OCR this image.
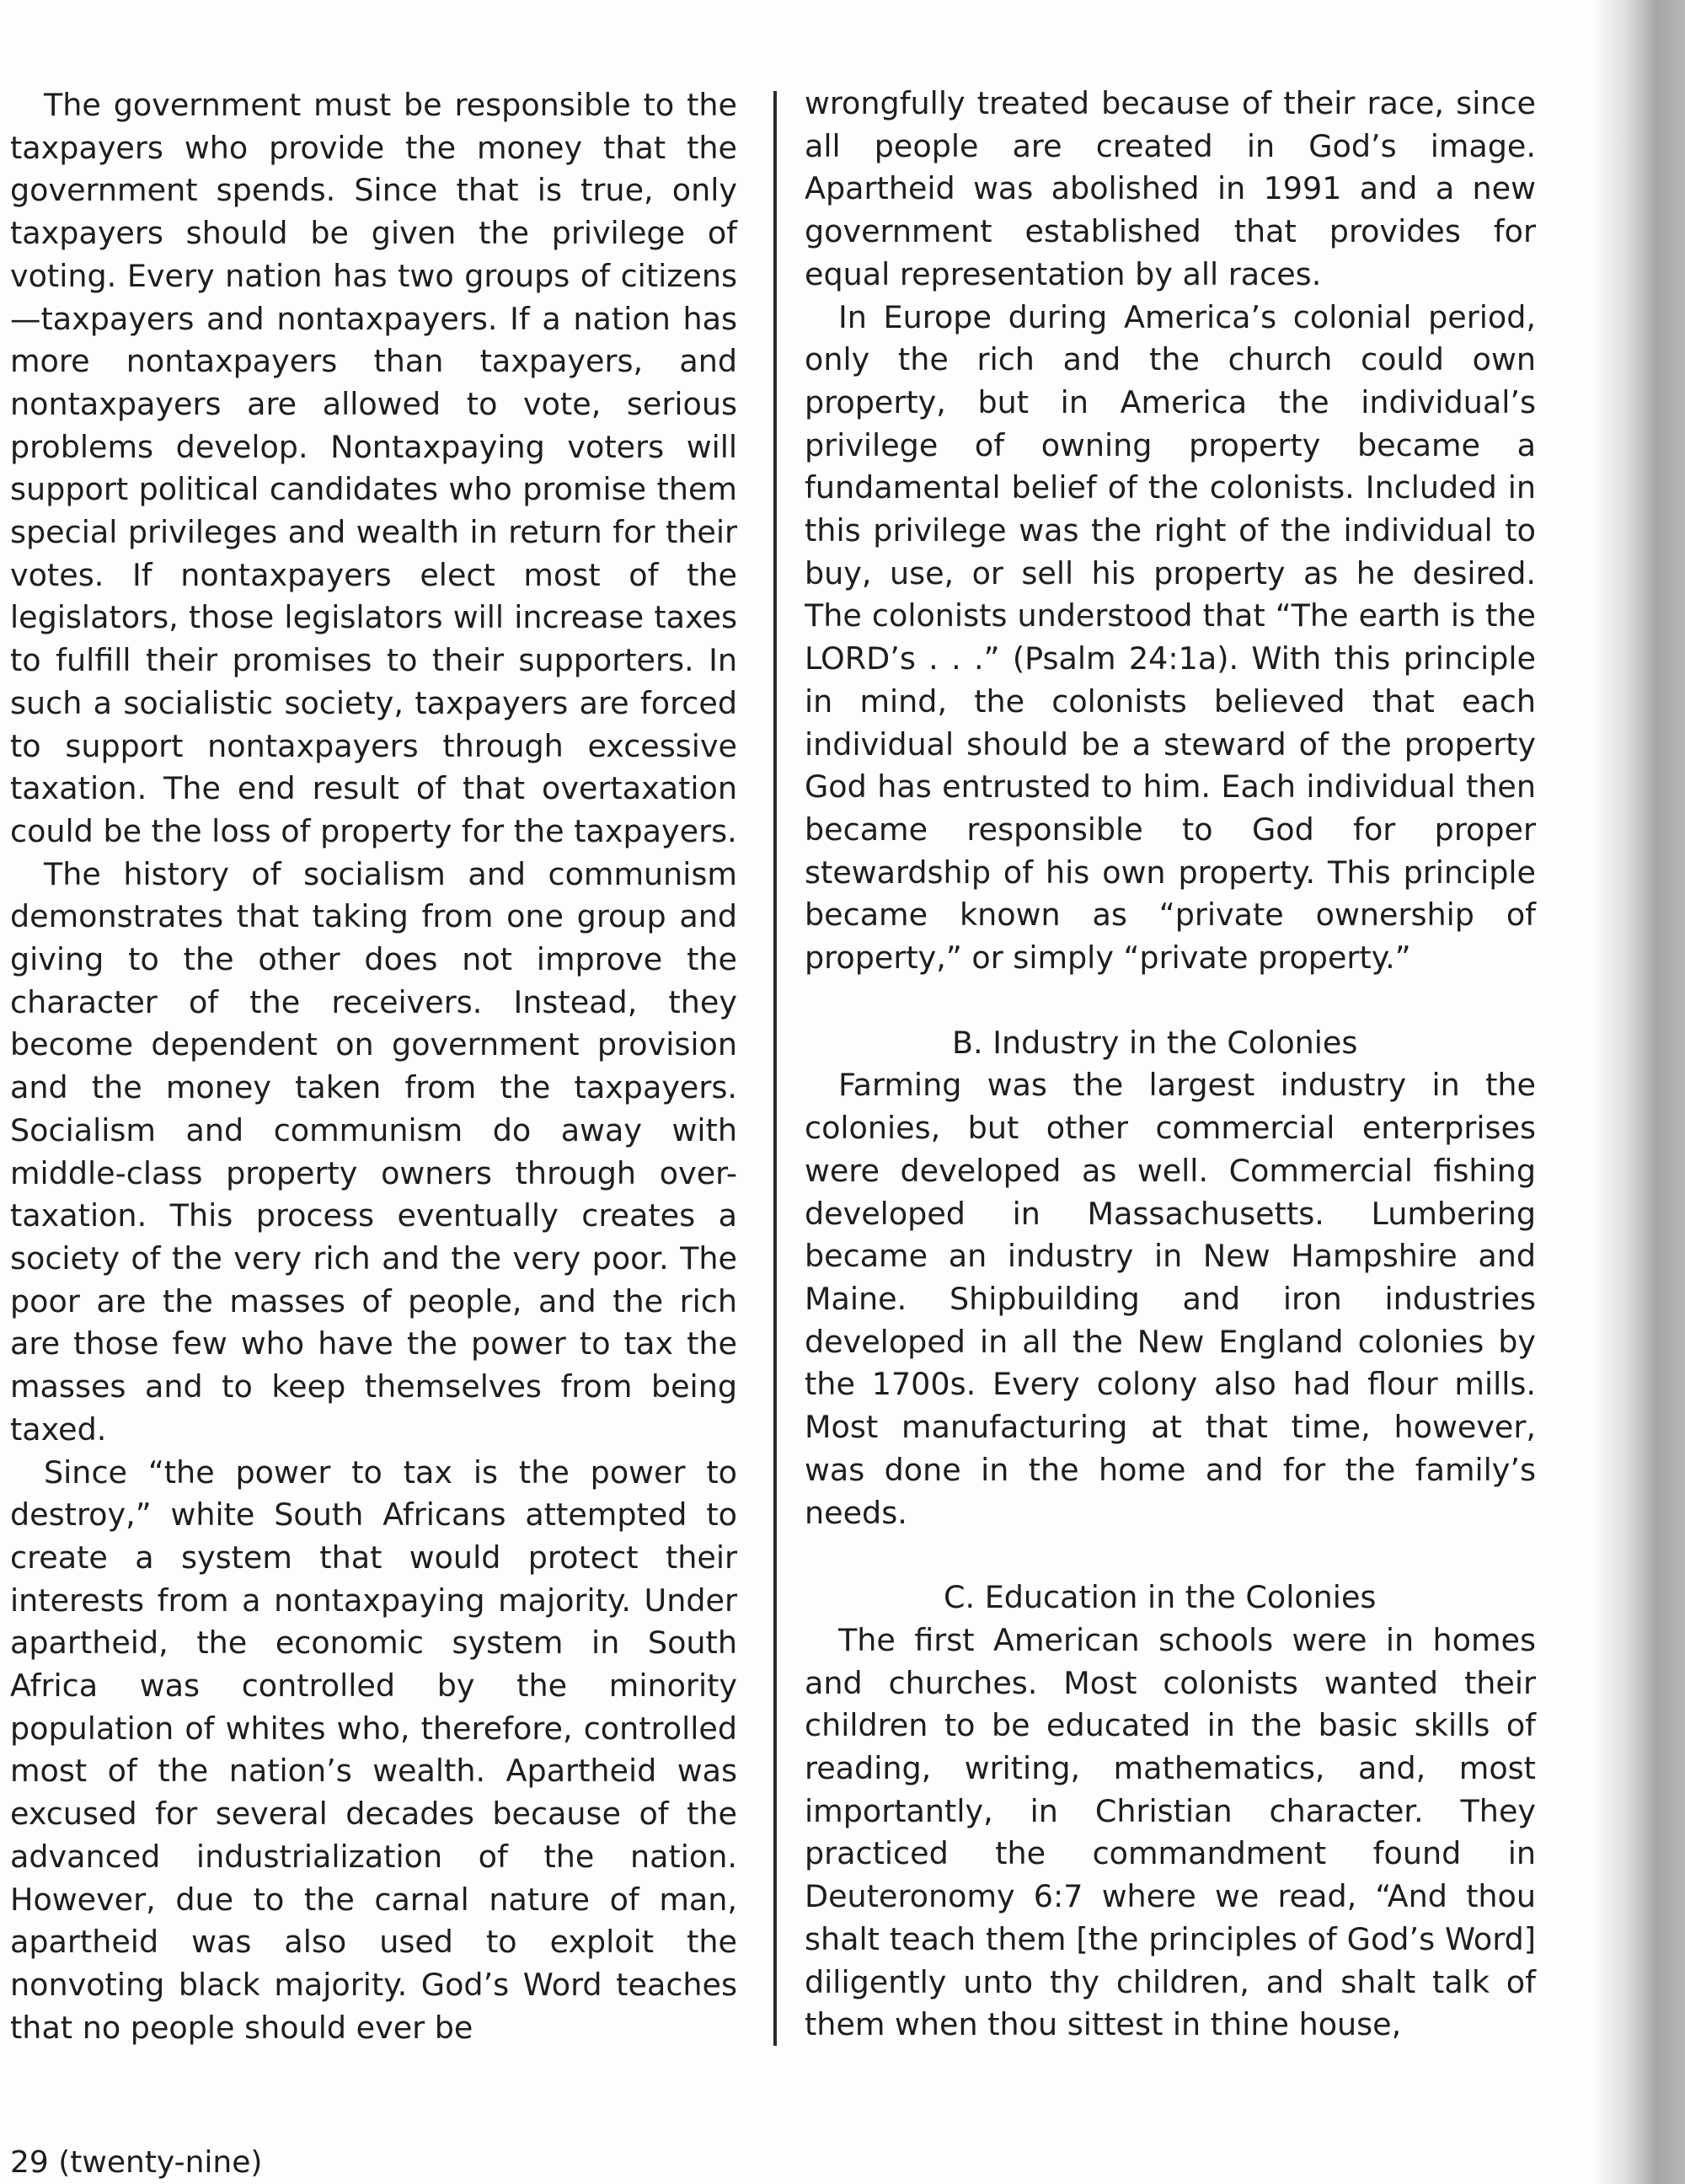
The government must be responsible to the taxpayers who provide the money that the government spends. Since that is true, only taxpayers should be given the privilege of voting. Every nation has two groups of citizens—taxpayers and nontaxpayers. If a nation has more nontaxpayers than taxpayers, and nontaxpayers are allowed to vote, serious problems develop. Nontaxpaying voters will support political candidates who promise them special privileges and wealth in return for their votes. If nontaxpayers elect most of the legislators, those legislators will increase taxes to fulfill their promises to their supporters. In such a socialistic society, taxpayers are forced to support nontaxpayers through excessive taxation. The end result of that overtaxation could be the loss of property for the taxpayers.

The history of socialism and communism demonstrates that taking from one group and giving to the other does not improve the character of the receivers. Instead, they become dependent on government provision and the money taken from the taxpayers. Socialism and communism do away with middle-class property owners through over-taxation. This process eventually creates a society of the very rich and the very poor. The poor are the masses of people, and the rich are those few who have the power to tax the masses and to keep themselves from being taxed.

Since “the power to tax is the power to destroy,” white South Africans attempted to create a system that would protect their interests from a nontaxpaying majority. Under apartheid, the economic system in South Africa was controlled by the minority population of whites who, therefore, controlled most of the nation’s wealth. Apartheid was excused for several decades because of the advanced industrialization of the nation. However, due to the carnal nature of man, apartheid was also used to exploit the nonvoting black majority. God’s Word teaches that no people should ever be

wrongfully treated because of their race, since all people are created in God’s image. Apartheid was abolished in 1991 and a new government established that provides for equal representation by all races.

In Europe during America’s colonial period, only the rich and the church could own property, but in America the individual’s privilege of owning property became a fundamental belief of the colonists. Included in this privilege was the right of the individual to buy, use, or sell his property as he desired. The colonists understood that “The earth is the LORD’s . . .” (Psalm 24:1a). With this principle in mind, the colonists believed that each individual should be a steward of the property God has entrusted to him. Each individual then became responsible to God for proper stewardship of his own property. This principle became known as “private ownership of property,” or simply “private property.”

B. Industry in the Colonies

Farming was the largest industry in the colonies, but other commercial enterprises were developed as well. Commercial fishing developed in Massachusetts. Lumbering became an industry in New Hampshire and Maine. Shipbuilding and iron industries developed in all the New England colonies by the 1700s. Every colony also had flour mills. Most manufacturing at that time, however, was done in the home and for the family’s needs.

C. Education in the Colonies

The first American schools were in homes and churches. Most colonists wanted their children to be educated in the basic skills of reading, writing, mathematics, and, most importantly, in Christian character. They practiced the commandment found in Deuteronomy 6:7 where we read, “And thou shalt teach them [the principles of God’s Word] diligently unto thy children, and shalt talk of them when thou sittest in thine house,

29 (twenty-nine)
